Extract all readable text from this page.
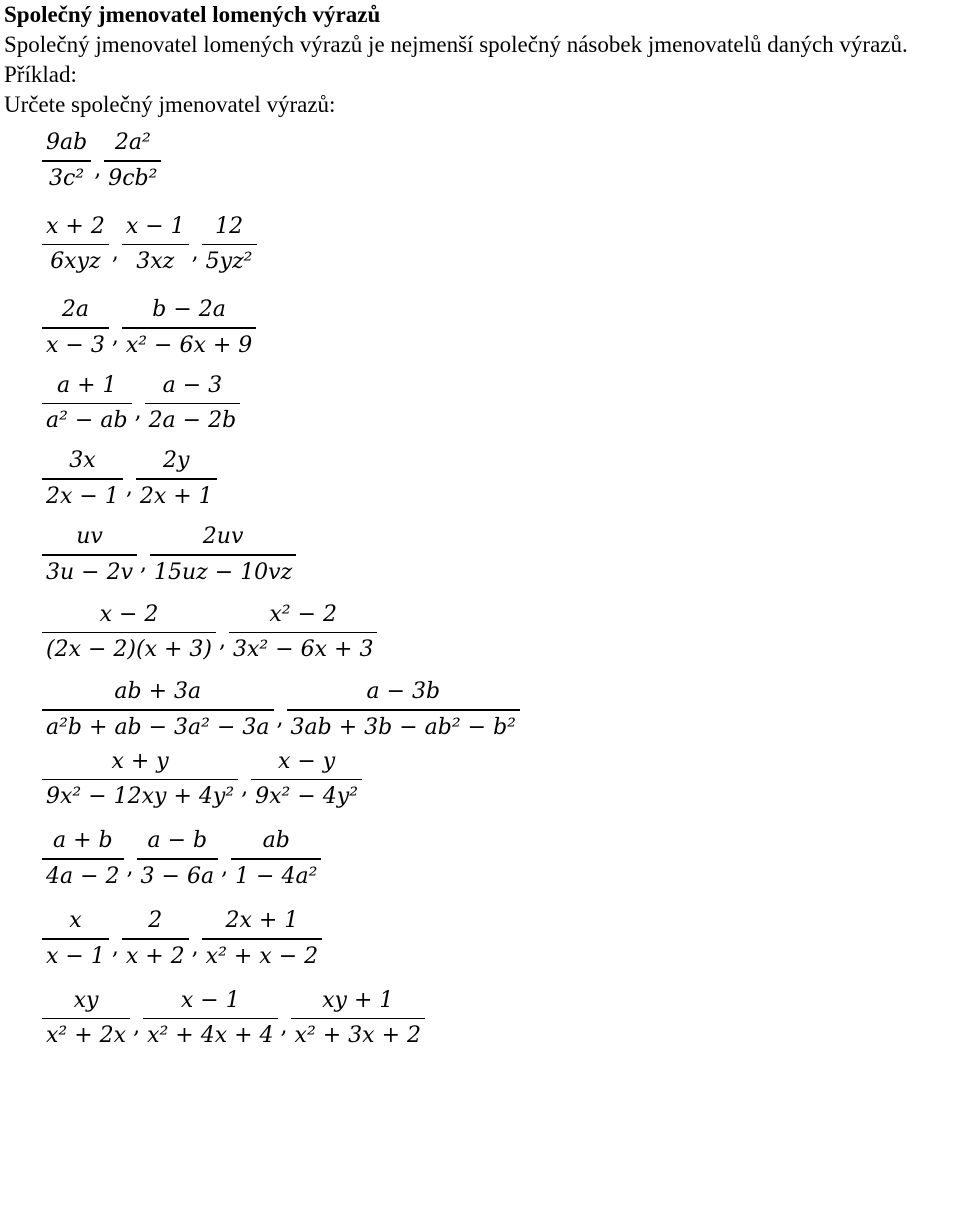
Společný jmenovatel lomených výrazů

Společný jmenovatel lomených výrazů je nejmenší společný násobek jmenovatelů daných výrazů.

Příklad:

Určete společný jmenovatel výrazů:

$\frac{9ab}{\text{3c²}}$ , $\frac{\text{2a²}}{\text{9cb²}}$
$\frac{x + 2}{\text{6xyz}}$ , $\frac{x - 1}{3xz}$ , $\frac{12}{\text{5yz²}}$
$\frac{2a}{x - 3}$ , $\frac{b - 2a}{\text{x² − 6x + 9}}$
$\frac{a + 1}{\text{a² − ab}}$ , $\frac{a - 3}{2a - 2b}$
$\frac{3x}{2x - 1}$ , $\frac{2y}{2x + 1}$
$\frac{uv}{3u - 2v}$ , $\frac{2uv}{15uz - 10vz}$
$\frac{x - 2}{(2x - 2)(x + 3)}$ , $\frac{\text{x² − 2}}{\text{3x² − 6x + 3}}$
$\frac{ab + 3a}{\text{a²b + ab − 3a² − 3a}}$ , $\frac{a - 3b}{\text{3ab + 3b − ab² − b²}}$
$\frac{x + y}{\text{9x² − 12xy + 4y²}}$ , $\frac{x - y}{\text{9x² − 4y²}}$
$\frac{a + b}{4a - 2}$ , $\frac{a - b}{3 - 6a}$ , $\frac{ab}{\text{1 − 4a²}}$
$\frac{x}{x - 1}$ , $\frac{2}{x + 2}$ , $\frac{2x + 1}{\text{x² + x − 2}}$
$\frac{xy}{\text{x² + 2x}}$ , $\frac{x - 1}{\text{x² + 4x + 4}}$ , $\frac{xy + 1}{\text{x² + 3x + 2}}$
